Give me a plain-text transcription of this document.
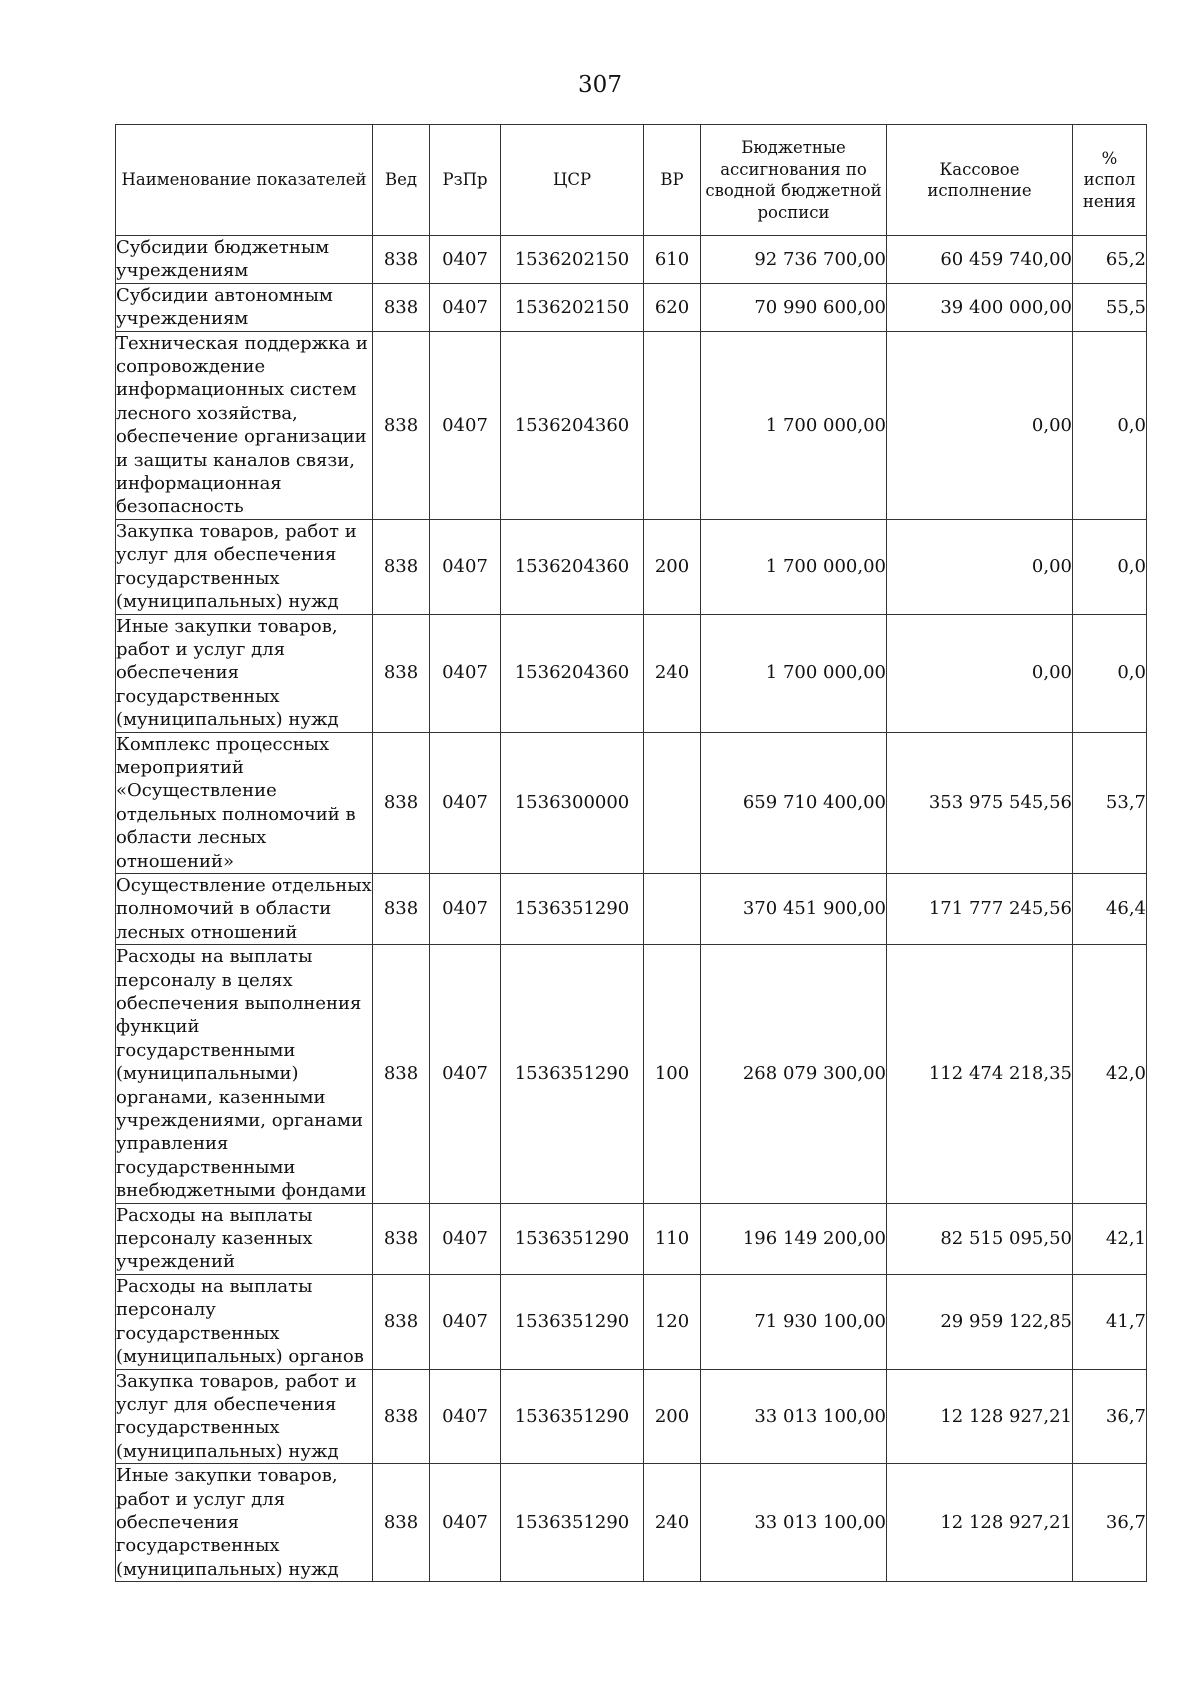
307
Наименование показателей	Вед	РзПр	ЦСР	ВР	Бюджетные ассигнования по сводной бюджетной росписи	Кассовое исполнение	% испол нения
Субсидии бюджетным учреждениям	838	0407	1536202150	610	92 736 700,00	60 459 740,00	65,2
Субсидии автономным учреждениям	838	0407	1536202150	620	70 990 600,00	39 400 000,00	55,5
Техническая поддержка и сопровождение информационных систем лесного хозяйства, обеспечение организации и защиты каналов связи, информационная безопасность	838	0407	1536204360		1 700 000,00	0,00	0,0
Закупка товаров, работ и услуг для обеспечения государственных (муниципальных) нужд	838	0407	1536204360	200	1 700 000,00	0,00	0,0
Иные закупки товаров, работ и услуг для обеспечения государственных (муниципальных) нужд	838	0407	1536204360	240	1 700 000,00	0,00	0,0
Комплекс процессных мероприятий «Осуществление отдельных полномочий в области лесных отношений»	838	0407	1536300000		659 710 400,00	353 975 545,56	53,7
Осуществление отдельных полномочий в области лесных отношений	838	0407	1536351290		370 451 900,00	171 777 245,56	46,4
Расходы на выплаты персоналу в целях обеспечения выполнения функций государственными (муниципальными) органами, казенными учреждениями, органами управления государственными внебюджетными фондами	838	0407	1536351290	100	268 079 300,00	112 474 218,35	42,0
Расходы на выплаты персоналу казенных учреждений	838	0407	1536351290	110	196 149 200,00	82 515 095,50	42,1
Расходы на выплаты персоналу государственных (муниципальных) органов	838	0407	1536351290	120	71 930 100,00	29 959 122,85	41,7
Закупка товаров, работ и услуг для обеспечения государственных (муниципальных) нужд	838	0407	1536351290	200	33 013 100,00	12 128 927,21	36,7
Иные закупки товаров, работ и услуг для обеспечения государственных (муниципальных) нужд	838	0407	1536351290	240	33 013 100,00	12 128 927,21	36,7
